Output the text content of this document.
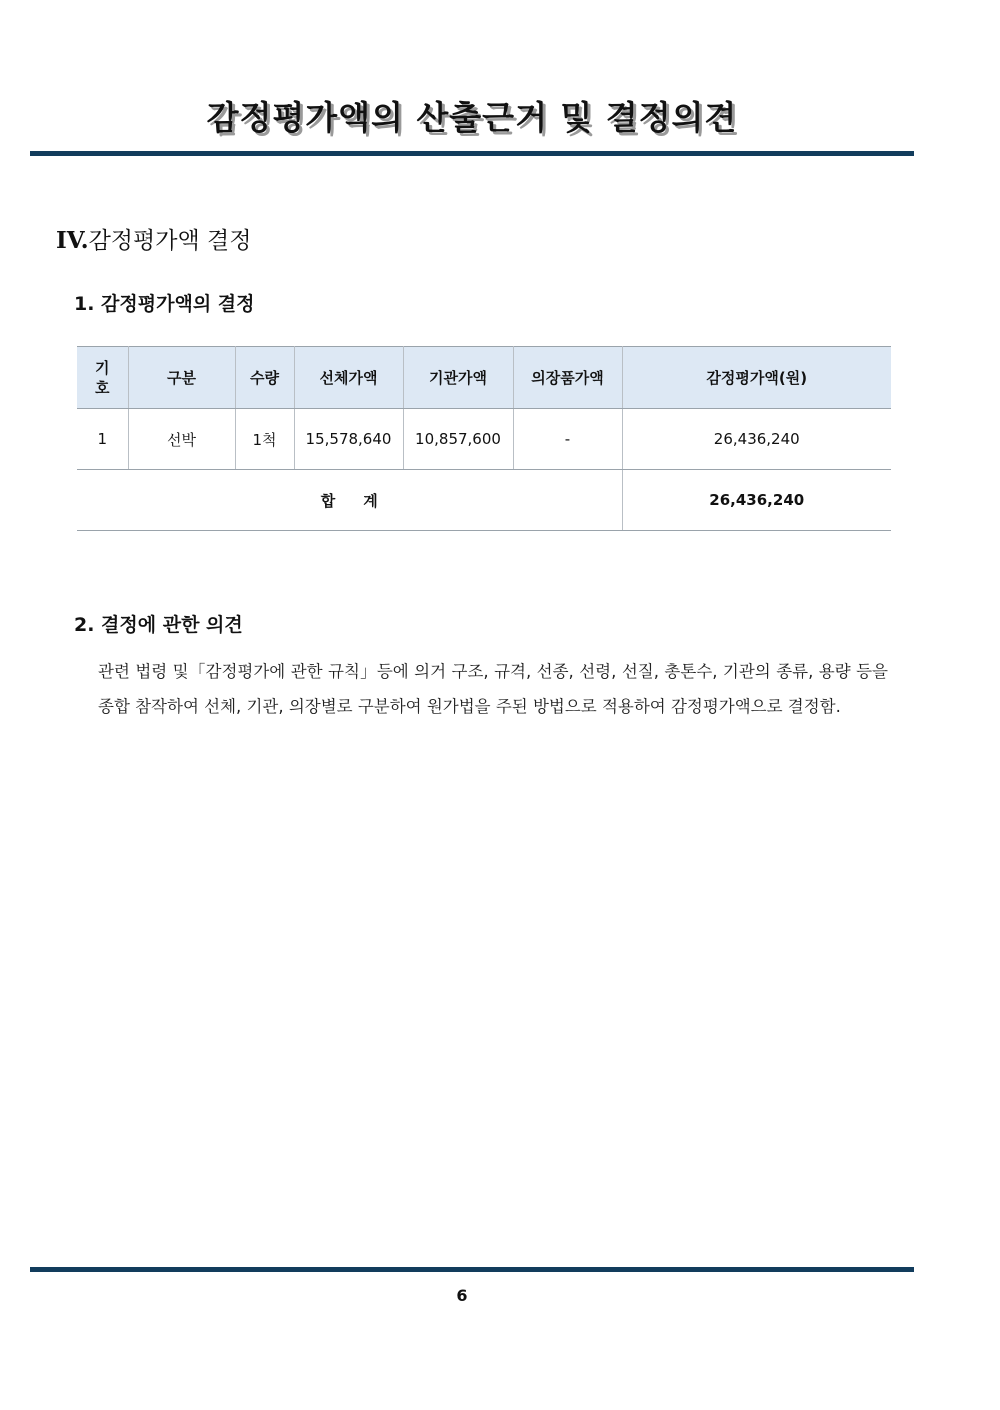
감정평가액의 산출근거 및 결정의견
IV.감정평가액 결정
1. 감정평가액의 결정
기
호	구분	수량	선체가액	기관가액	의장품가액	감정평가액(원)
1	선박	1척	15,578,640	10,857,600	-	26,436,240
합 계						26,436,240
2. 결정에 관한 의견
관련 법령 및「감정평가에 관한 규칙」등에 의거 구조, 규격, 선종, 선령, 선질, 총톤수, 기관의 종류, 용량 등을 종합 참작하여 선체, 기관, 의장별로 구분하여 원가법을 주된 방법으로 적용하여 감정평가액으로 결정함.
6
